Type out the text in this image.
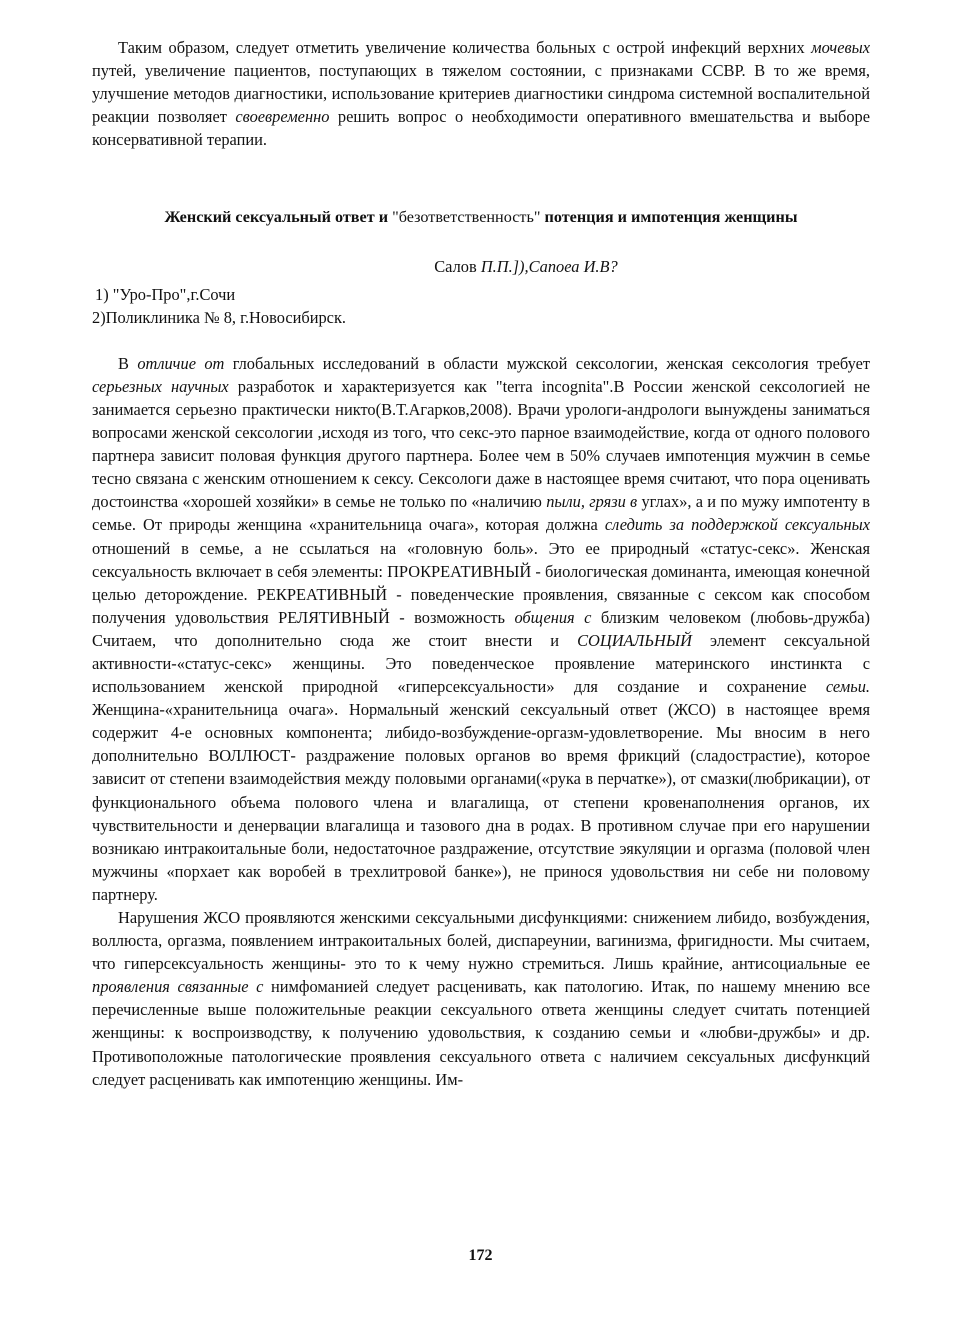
Таким образом, следует отметить увеличение количества больных с острой инфекций верхних мочевых путей, увеличение пациентов, поступающих в тяжелом состоянии, с признаками ССВР. В то же время, улучшение методов диагностики, использование критериев диагностики синдрома системной воспалительной реакции позволяет своевременно решить вопрос о необходимости оперативного вмешательства и выборе консервативной терапии.

Женский сексуальный ответ и "безответственность" потенция и импотенция женщины
Салов П.П.]),Сапоеа И.В?

1) "Уро-Про",г.Сочи

2)Поликлиника № 8, г.Новосибирск.

В отличие от глобальных исследований в области мужской сексологии, женская сексология требует серьезных научных разработок и характеризуется как "terra incognita".В России женской сексологией не занимается серьезно практически никто(В.Т.Агарков,2008). Врачи урологи-андрологи вынуждены заниматься вопросами женской сексологии ,исходя из того, что секс-это парное взаимодействие, когда от одного полового партнера зависит половая функция другого партнера. Более чем в 50% случаев импотенция мужчин в семье тесно связана с женским отношением к сексу. Сексологи даже в настоящее время считают, что пора оценивать достоинства «хорошей хозяйки» в семье не только по «наличию пыли, грязи в углах», а и по мужу импотенту в семье. От природы женщина «хранительница очага», которая должна следить за поддержкой сексуальных отношений в семье, а не ссылаться на «головную боль». Это ее природный «статус-секс». Женская сексуальность включает в себя элементы: ПРОКРЕАТИВНЫЙ - биологическая доминанта, имеющая конечной целью деторождение. РЕКРЕАТИВНЫЙ - поведенческие проявления, связанные с сексом как способом получения удовольствия РЕЛЯТИВНЫЙ - возможность общения с близким человеком (любовь-дружба) Считаем, что дополнительно сюда же стоит внести и СОЦИАЛЬНЫЙ элемент сексуальной активности-«статус-секс» женщины. Это поведенческое проявление материнского инстинкта с использованием женской природной «гиперсексуальности» для создание и сохранение семьи. Женщина-«хранительница очага». Нормальный женский сексуальный ответ (ЖСО) в настоящее время содержит 4-е основных компонента; либидо-возбуждение-оргазм-удовлетворение. Мы вносим в него дополнительно ВОЛЛЮСТ- раздражение половых органов во время фрикций (сладострастие), которое зависит от степени взаимодействия между половыми органами(«рука в перчатке»), от смазки(любрикации), от функционального объема полового члена и влагалища, от степени кровенаполнения органов, их чувствительности и денервации влагалища и тазового дна в родах. В противном случае при его нарушении возникаю интракоитальные боли, недостаточное раздражение, отсутствие эякуляции и оргазма (половой член мужчины «порхает как воробей в трехлитровой банке»), не принося удовольствия ни себе ни половому партнеру.

Нарушения ЖСО проявляются женскими сексуальными дисфункциями: снижением либидо, возбуждения, воллюста, оргазма, появлением интракоитальных болей, диспареунии, вагинизма, фригидности. Мы считаем, что гиперсексуальность женщины- это то к чему нужно стремиться. Лишь крайние, антисоциальные ее проявления связанные с нимфоманией следует расценивать, как патологию. Итак, по нашему мнению все перечисленные выше положительные реакции сексуального ответа женщины следует считать потенцией женщины: к воспроизводству, к получению удовольствия, к созданию семьи и «любви-дружбы» и др. Противоположные патологические проявления сексуального ответа с наличием сексуальных дисфункций следует расценивать как импотенцию женщины. Им-

172
